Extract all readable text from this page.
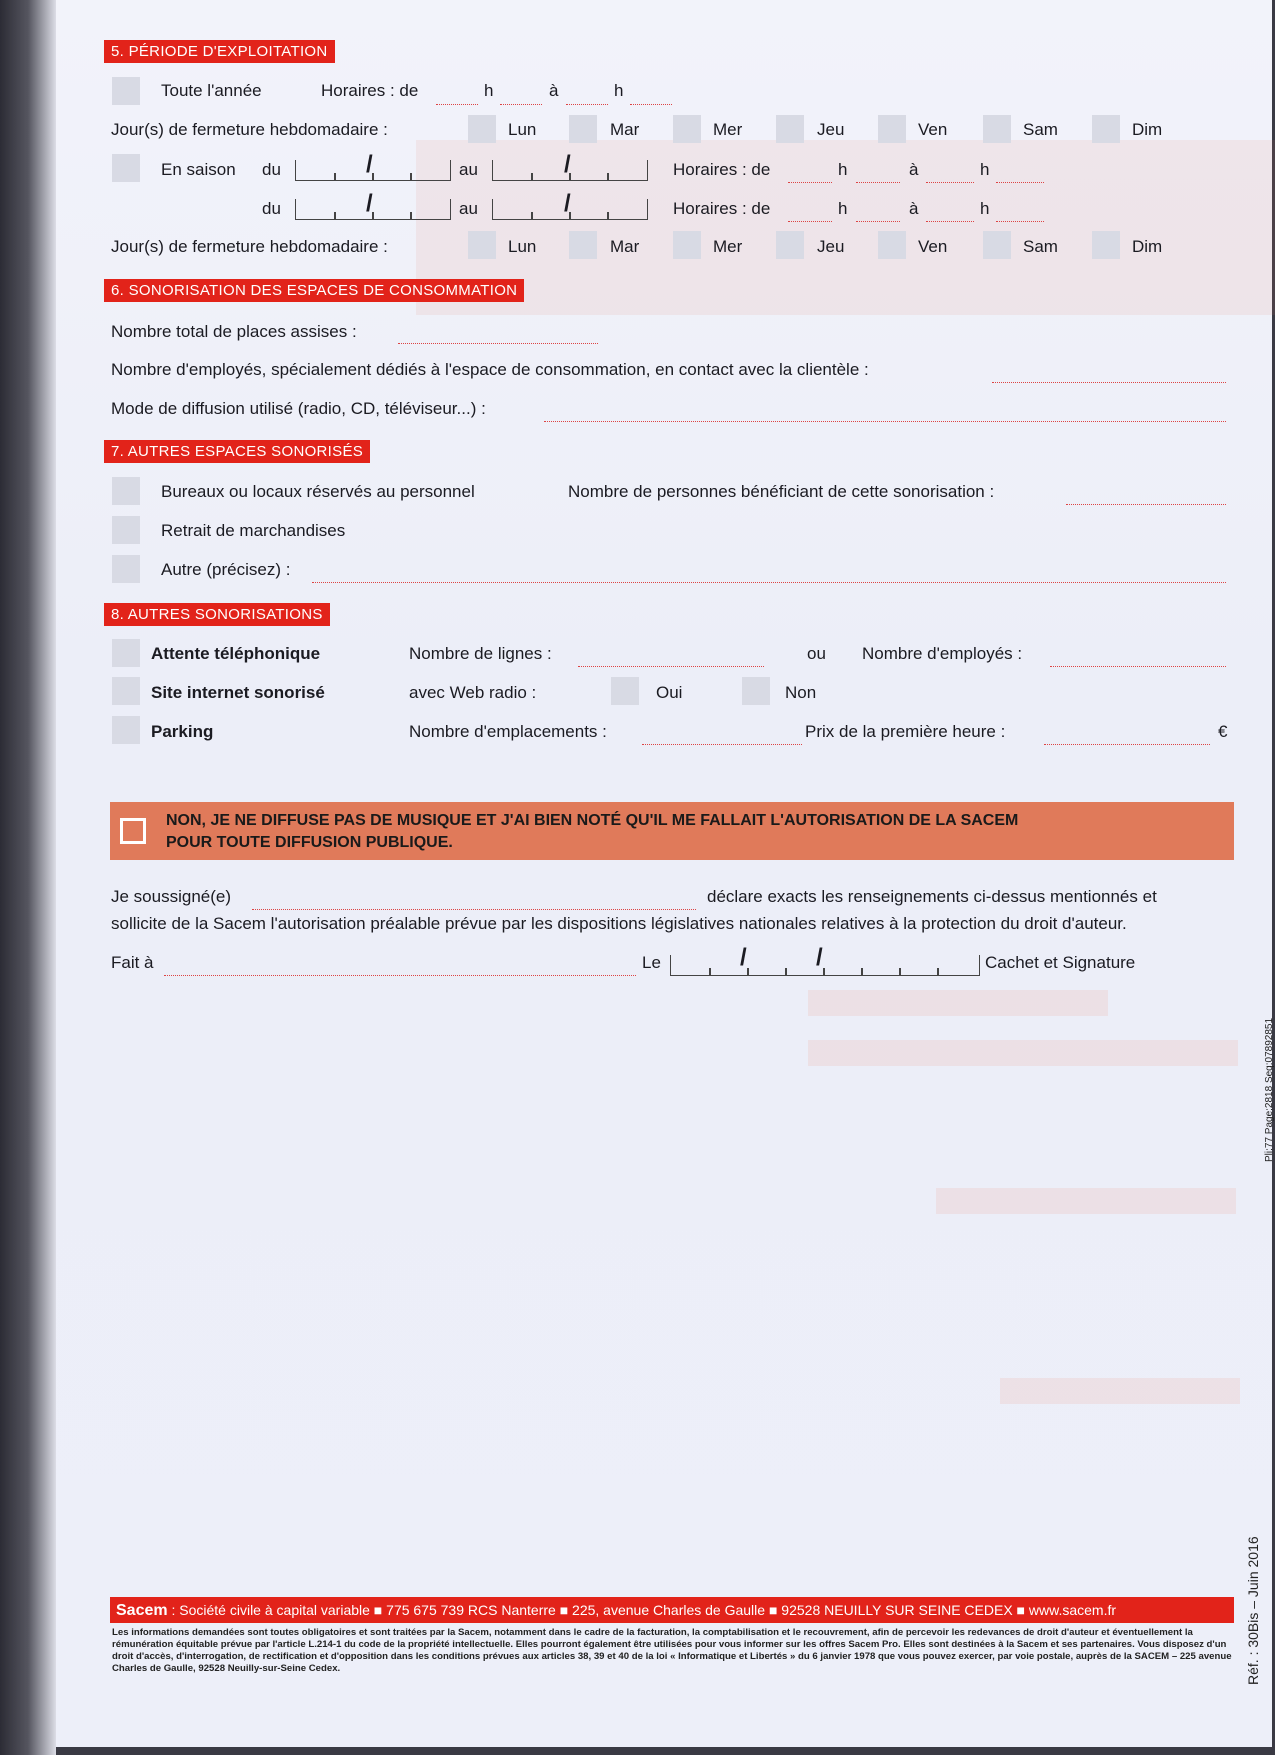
5. PÉRIODE D'EXPLOITATION
Toute l'année	Horaires : de	h	à	h
Jour(s) de fermeture hebdomadaire :	Lun	Mar	Mer	Jeu	Ven	Sam	Dim
En saison du	/	au	/	Horaires : de	h	à	h
du	/	au	/	Horaires : de	h	à	h
Jour(s) de fermeture hebdomadaire :	Lun	Mar	Mer	Jeu	Ven	Sam	Dim
6. SONORISATION DES ESPACES DE CONSOMMATION
Nombre total de places assises :
Nombre d'employés, spécialement dédiés à l'espace de consommation, en contact avec la clientèle :
Mode de diffusion utilisé (radio, CD, téléviseur...) :
7. AUTRES ESPACES SONORISÉS
Bureaux ou locaux réservés au personnel	Nombre de personnes bénéficiant de cette sonorisation :
Retrait de marchandises
Autre (précisez) :
8. AUTRES SONORISATIONS
Attente téléphonique	Nombre de lignes :	ou Nombre d'employés :
Site internet sonorisé	avec Web radio :	Oui	Non
Parking	Nombre d'emplacements :	Prix de la première heure :	€
NON, JE NE DIFFUSE PAS DE MUSIQUE ET J'AI BIEN NOTÉ QU'IL ME FALLAIT L'AUTORISATION DE LA SACEM
POUR TOUTE DIFFUSION PUBLIQUE.
Je soussigné(e)	déclare exacts les renseignements ci-dessus mentionnés et
sollicite de la Sacem l'autorisation préalable prévue par les dispositions législatives nationales relatives à la protection du droit d'auteur.
Fait à	Le	/	/	Cachet et Signature
Sacem : Société civile à capital variable ■ 775 675 739 RCS Nanterre ■ 225, avenue Charles de Gaulle ■ 92528 NEUILLY SUR SEINE CEDEX ■ www.sacem.fr
Les informations demandées sont toutes obligatoires et sont traitées par la Sacem, notamment dans le cadre de la facturation, la comptabilisation et le recouvrement, afin de percevoir les redevances de droit d'auteur et éventuellement la rémunération équitable prévue par l'article L.214-1 du code de la propriété intellectuelle. Elles pourront également être utilisées pour vous informer sur les offres Sacem Pro. Elles sont destinées à la Sacem et ses partenaires. Vous disposez d'un droit d'accès, d'interrogation, de rectification et d'opposition dans les conditions prévues aux articles 38, 39 et 40 de la loi « Informatique et Libertés » du 6 janvier 1978 que vous pouvez exercer, par voie postale, auprès de la SACEM – 225 avenue Charles de Gaulle, 92528 Neuilly-sur-Seine Cedex.	Réf. : 30Bis – Juin 2016
Pli:77 Page:2818 Seq:07892851
